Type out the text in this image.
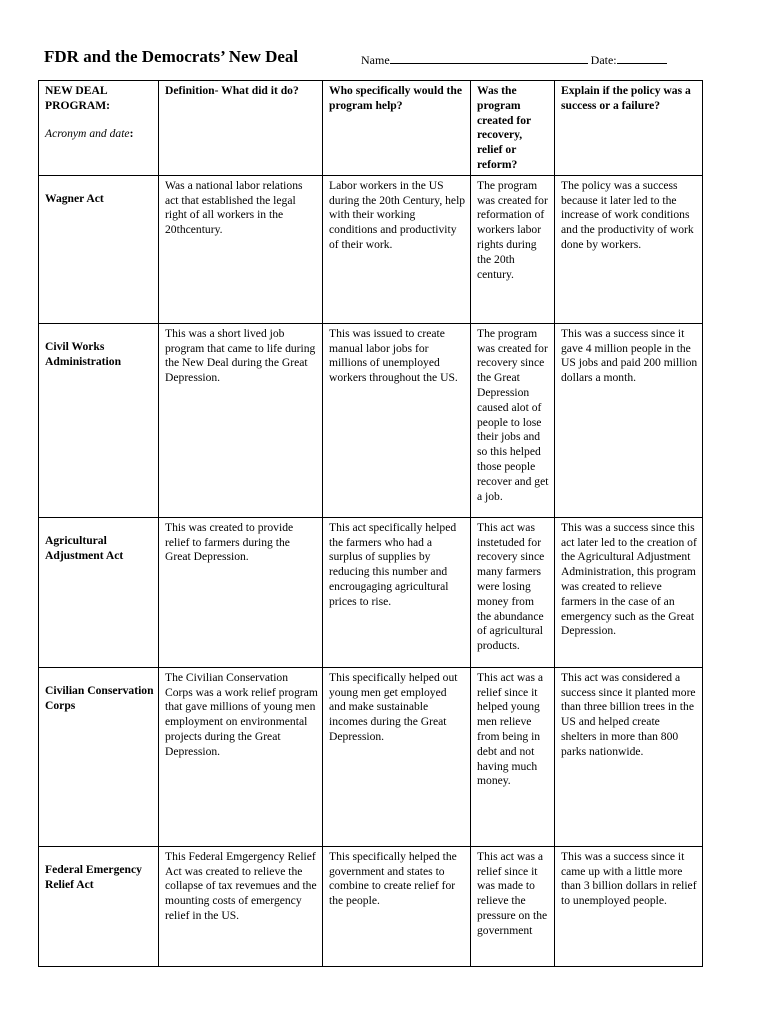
FDR and the Democrats’ New Deal	Name	Date:
NEW DEAL
PROGRAM:
Acronym and date:	Definition- What did it do?	Who specifically would the program help?	Was the program created for recovery, relief or reform?	Explain if the policy was a success or a failure?

Wagner Act	Was a national labor relations act that established the legal right of all workers in the 20thcentury.	Labor workers in the US during the 20th Century, help with their working conditions and productivity of their work.	The program was created for reformation of workers labor rights during the 20th century.	The policy was a success because it later led to the increase of work conditions and the productivity of work done by workers.

Civil Works Administration	This was a short lived job program that came to life during the New Deal during the Great Depression.	This was issued to create manual labor jobs for millions of unemployed workers throughout the US.	The program was created for recovery since the Great Depression caused alot of people to lose their jobs and so this helped those people recover and get a job.	This was a success since it gave 4 million people in the US jobs and paid 200 million dollars a month.

Agricultural Adjustment Act	This was created to provide relief to farmers during the Great Depression.	This act specifically helped the farmers who had a surplus of supplies by reducing this number and encrougaging agricultural prices to rise.	This act was instetuded for recovery since many farmers were losing money from the abundance of agricultural products.	This was a success since this act later led to the creation of the Agricultural Adjustment Administration, this program was created to relieve farmers in the case of an emergency such as the Great Depression.

Civilian Conservation Corps	The Civilian Conservation Corps was a work relief program that gave millions of young men employment on environmental projects during the Great Depression.	This specifically helped out young men get employed and make sustainable incomes during the Great Depression.	This act was a relief since it helped young men relieve from being in debt and not having much money.	This act was considered a success since it planted more than three billion trees in the US and helped create shelters in more than 800 parks nationwide.

Federal Emergency Relief Act	This Federal Emgergency Relief Act was created to relieve the collapse of tax revemues and the mounting costs of emergency relief in the US.	This specifically helped the government and states to combine to create relief for the people.	This act was a relief since it was made to relieve the pressure on the government	This was a success since it came up with a little more than 3 billion dollars in relief to unemployed people.
